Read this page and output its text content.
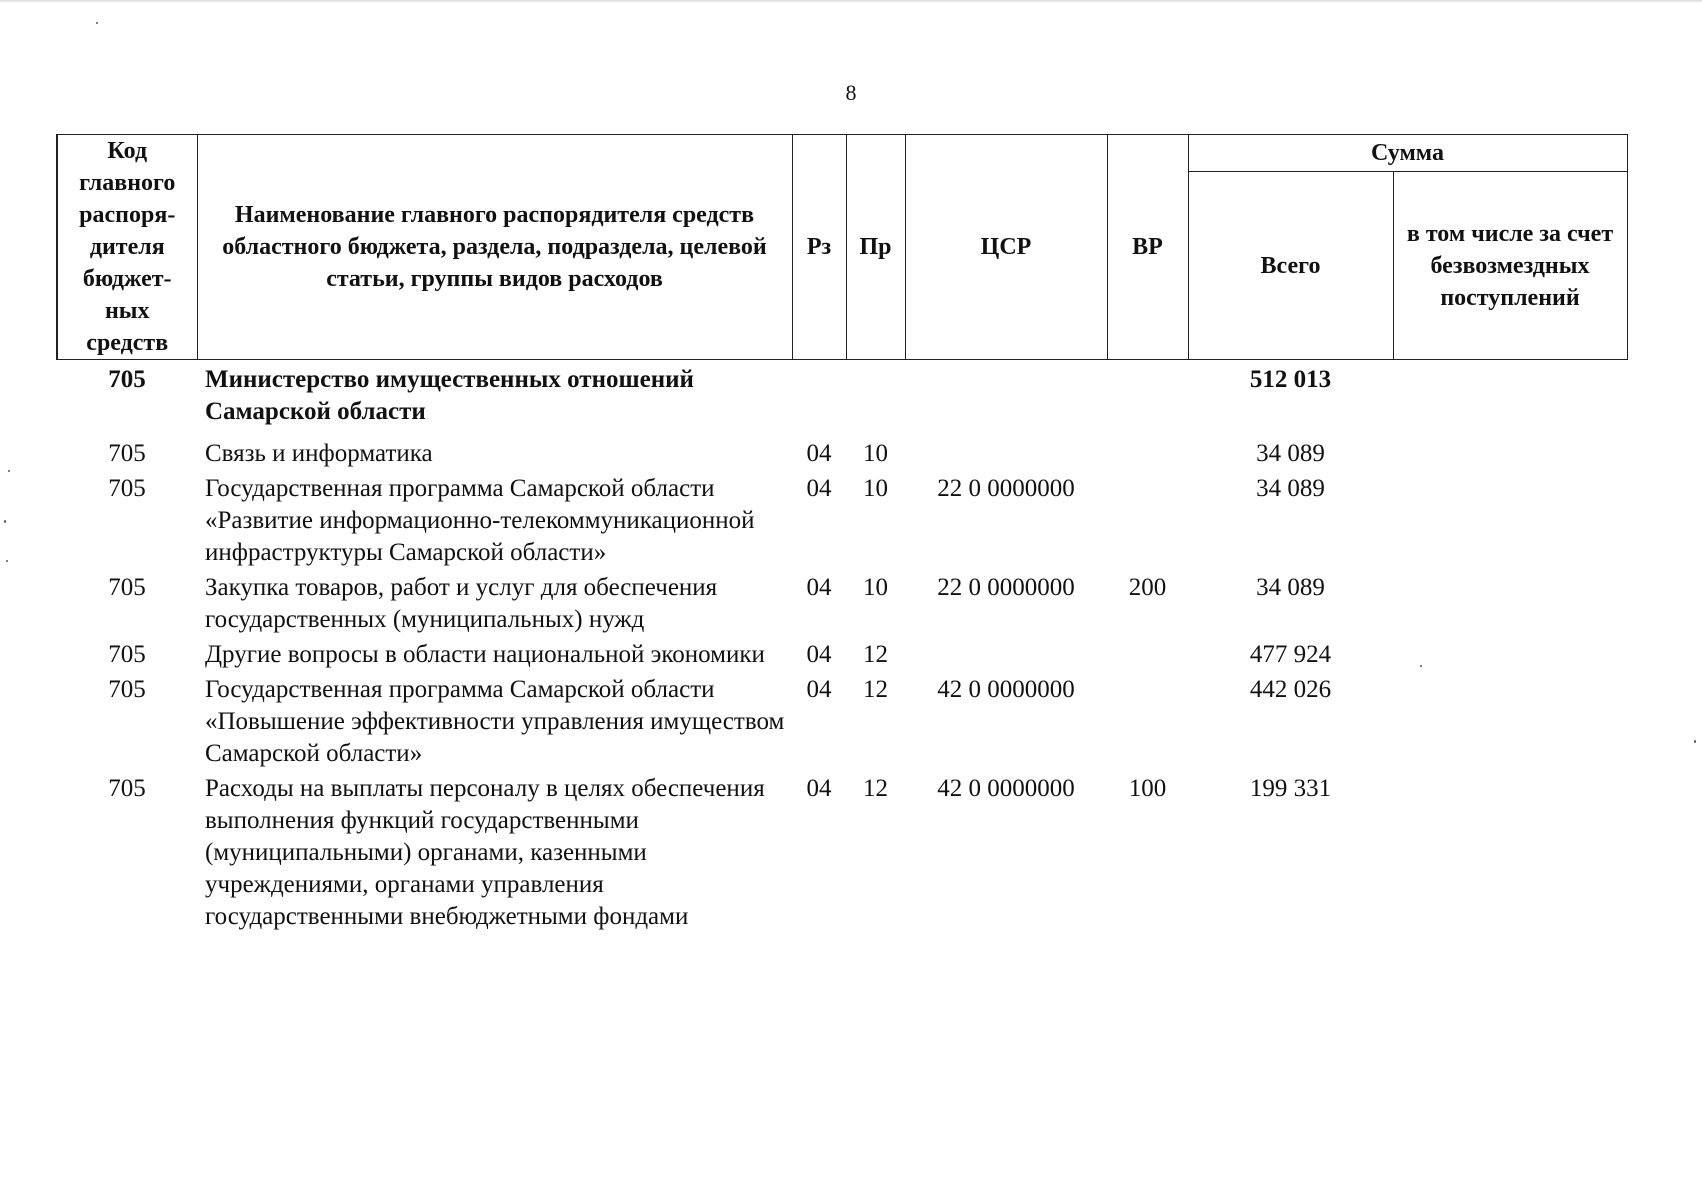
8
Код главного распоря-дителя бюджет-ных средств	Наименование главного распорядителя средств областного бюджета, раздела, подраздела, целевой статьи, группы видов расходов	Рз	Пр	ЦСР	ВР	Сумма	
						Всего	в том числе за счет безвозмездных поступлений
705	Министерство имущественных отношений Самарской области					512 013	
705	Связь и информатика	04	10			34 089	
705	Государственная программа Самарской области «Развитие информационно-телекоммуникационной инфраструктуры Самарской области»	04	10	22 0 0000000		34 089	
705	Закупка товаров, работ и услуг для обеспечения государственных (муниципальных) нужд	04	10	22 0 0000000	200	34 089	
705	Другие вопросы в области национальной экономики	04	12			477 924	
705	Государственная программа Самарской области «Повышение эффективности управления имуществом Самарской области»	04	12	42 0 0000000		442 026	
705	Расходы на выплаты персоналу в целях обеспечения выполнения функций государственными (муниципальными) органами, казенными учреждениями, органами управления государственными внебюджетными фондами	04	12	42 0 0000000	100	199 331	
